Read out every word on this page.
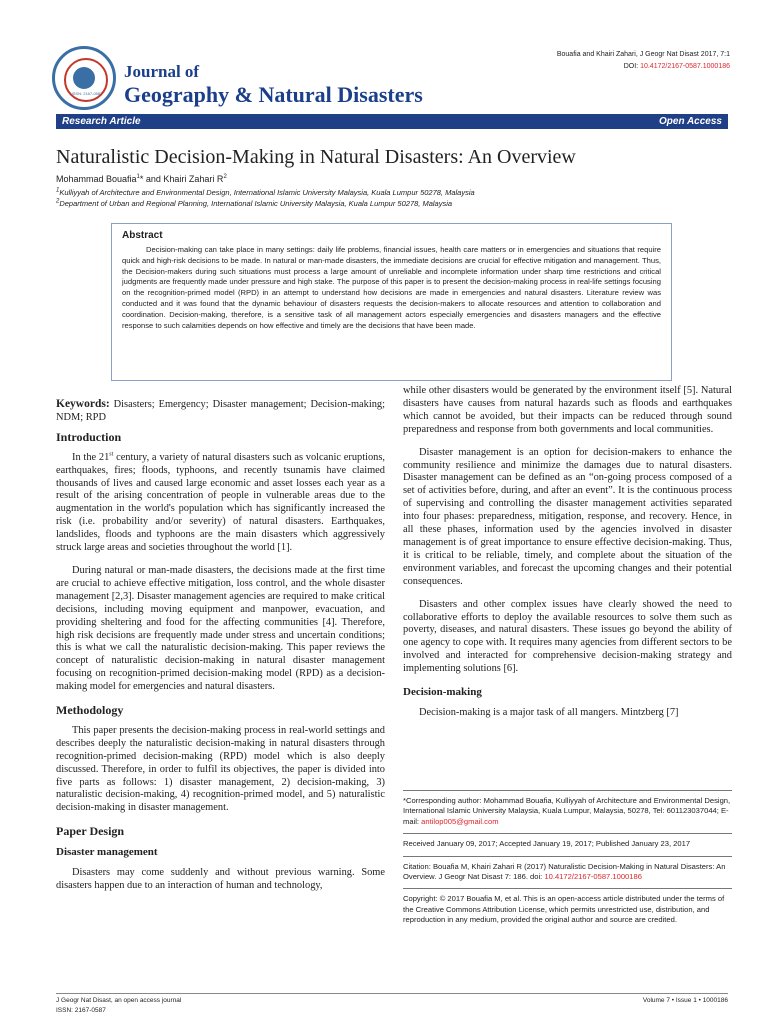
ISSN: 2167-0587
Journal of
Geography & Natural Disasters
Bouafia and Khairi Zahari, J Geogr Nat Disast 2017, 7:1
DOI: 10.4172/2167-0587.1000186
Research Article	Open Access
Naturalistic Decision-Making in Natural Disasters: An Overview
Mohammad Bouafia$^1$* and Khairi Zahari $R^2$
$^1$Kulliyyah of Architecture and Environmental Design, International Islamic University Malaysia, Kuala Lumpur 50278, Malaysia
$^2$Department of Urban and Regional Planning, International Islamic University Malaysia, Kuala Lumpur 50278, Malaysia
Abstract

Decision-making can take place in many settings: daily life problems, financial issues, health care matters or in emergencies and situations that require quick and high-risk decisions to be made. In natural or man-made disasters, the immediate decisions are crucial for effective mitigation and management. Thus, the Decision-makers during such situations must process a large amount of unreliable and incomplete information under sharp time restrictions and critical judgments are frequently made under pressure and high stake. The purpose of this paper is to present the decision-making process in real-life settings focusing on the recognition-primed model (RPD) in an attempt to understand how decisions are made in emergencies and natural disasters. Literature review was conducted and it was found that the dynamic behaviour of disasters requests the decision-makers to allocate resources and attention to collaboration and coordination. Decision-making, therefore, is a sensitive task of all management actors especially emergencies and disasters managers and the effective response to such calamities depends on how effective and timely are the decisions that have been made.

Keywords: Disasters; Emergency; Disaster management; Decision-making; NDM; RPD

Introduction

In the 21st century, a variety of natural disasters such as volcanic eruptions, earthquakes, fires; floods, typhoons, and recently tsunamis have claimed thousands of lives and caused large economic and asset losses each year as a result of the arising concentration of people in vulnerable areas due to the augmentation in the world's population which has significantly increased the risk (i.e. probability and/or severity) of natural disasters. Earthquakes, landslides, floods and typhoons are the main disasters which aggressively struck large areas and societies throughout the world [1].

During natural or man-made disasters, the decisions made at the first time are crucial to achieve effective mitigation, loss control, and the whole disaster management [2,3]. Disaster management agencies are required to make critical decisions, including moving equipment and manpower, evacuation, and providing sheltering and food for the affecting communities [4]. Therefore, high risk decisions are frequently made under stress and uncertain conditions; this is what we call the naturalistic decision-making. This paper reviews the concept of naturalistic decision-making in natural disaster management focusing on recognition-primed decision-making model (RPD) as a decision-making model for emergencies and natural disasters.

Methodology

This paper presents the decision-making process in real-world settings and describes deeply the naturalistic decision-making in natural disasters through recognition-primed decision-making (RPD) model which is also deeply discussed. Therefore, in order to fulfil its objectives, the paper is divided into five parts as follows: 1) disaster management, 2) decision-making, 3) naturalistic decision-making, 4) recognition-primed model, and 5) naturalistic decision-making in disaster management.

Paper Design
Disaster management

Disasters may come suddenly and without previous warning. Some disasters happen due to an interaction of human and technology,

while other disasters would be generated by the environment itself [5]. Natural disasters have causes from natural hazards such as floods and earthquakes which cannot be avoided, but their impacts can be reduced through sound preparedness and response from both governments and local communities.

Disaster management is an option for decision-makers to enhance the community resilience and minimize the damages due to natural disasters. Disaster management can be defined as an “on-going process composed of a set of activities before, during, and after an event”. It is the continuous process of supervising and controlling the disaster management activities separated into four phases: preparedness, mitigation, response, and recovery. Hence, in all these phases, information used by the agencies involved in disaster management is of great importance to ensure effective decision-making. Thus, it is critical to be reliable, timely, and complete about the situation of the environment variables, and forecast the upcoming changes and their potential consequences.

Disasters and other complex issues have clearly showed the need to collaborative efforts to deploy the available resources to solve them such as poverty, diseases, and natural disasters. These issues go beyond the ability of one agency to cope with. It requires many agencies from different sectors to be involved and interacted for comprehensive decision-making strategy and implementing solutions [6].

Decision-making

Decision-making is a major task of all mangers. Mintzberg [7]

*Corresponding author: Mohammad Bouafia, Kulliyyah of Architecture and Environmental Design, International Islamic University Malaysia, Kuala Lumpur, Malaysia, 50278, Tel: 601123037044; E-mail: antilop005@gmail.com
Received January 09, 2017; Accepted January 19, 2017; Published January 23, 2017
Citation: Bouafia M, Khairi Zahari R (2017) Naturalistic Decision-Making in Natural Disasters: An Overview. J Geogr Nat Disast 7: 186. doi: 10.4172/2167-0587.1000186
Copyright: © 2017 Bouafia M, et al. This is an open-access article distributed under the terms of the Creative Commons Attribution License, which permits unrestricted use, distribution, and reproduction in any medium, provided the original author and source are credited.
J Geogr Nat Disast, an open access journal	Volume 7 • Issue 1 • 1000186
ISSN: 2167-0587
